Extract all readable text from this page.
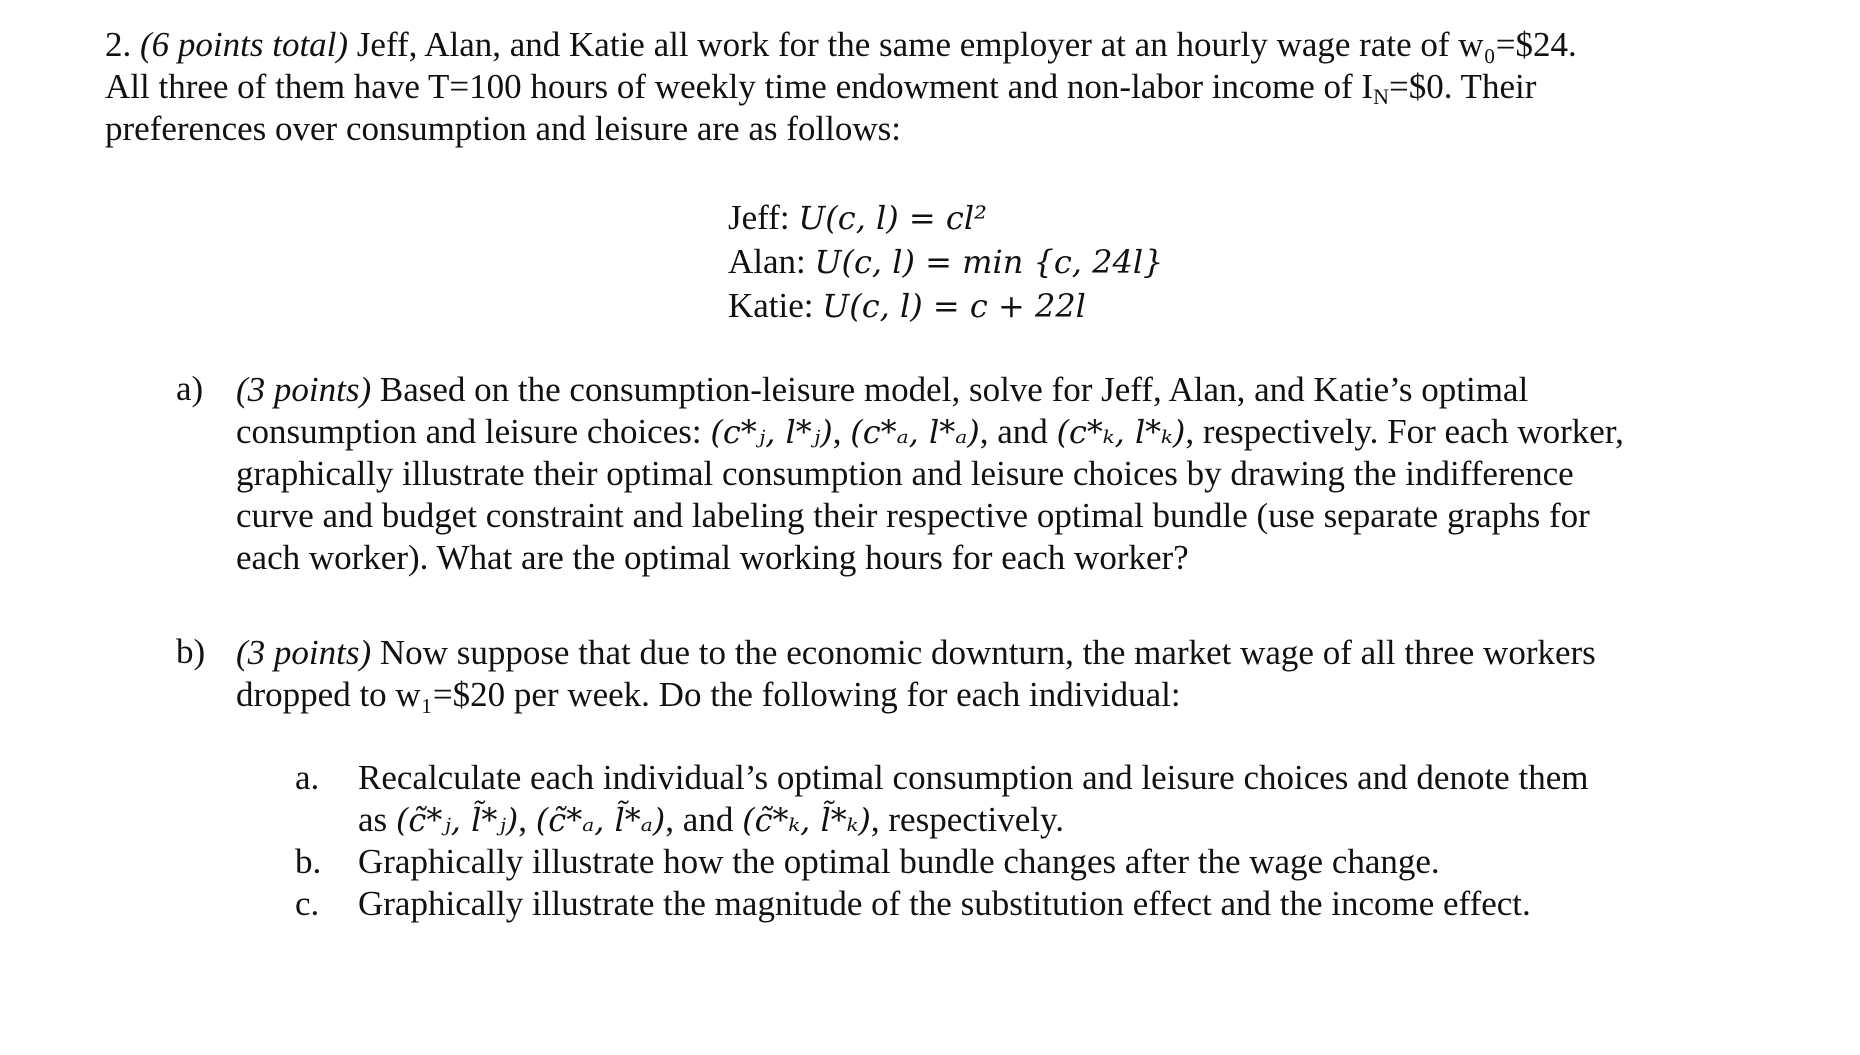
2. (6 points total) Jeff, Alan, and Katie all work for the same employer at an hourly wage rate of w₀=$24.
All three of them have T=100 hours of weekly time endowment and non-labor income of $I_N=\$0$. Their
preferences over consumption and leisure are as follows:

Jeff: U(c, l) = cl²
Alan: U(c, l) = min {c, 24l}
Katie: U(c, l) = c + 22l
a) (3 points) Based on the consumption-leisure model, solve for Jeff, Alan, and Katie’s optimal
consumption and leisure choices: (c*ⱼ, l*ⱼ), (c*ₐ, l*ₐ), and (c*ₖ, l*ₖ), respectively. For each worker,
graphically illustrate their optimal consumption and leisure choices by drawing the indifference
curve and budget constraint and labeling their respective optimal bundle (use separate graphs for
each worker). What are the optimal working hours for each worker?
b) (3 points) Now suppose that due to the economic downturn, the market wage of all three workers
dropped to w₁=$20 per week. Do the following for each individual:
a. Recalculate each individual’s optimal consumption and leisure choices and denote them
as (c̃*ⱼ, l̃*ⱼ), (c̃*ₐ, l̃*ₐ), and (c̃*ₖ, l̃*ₖ), respectively.
b. Graphically illustrate how the optimal bundle changes after the wage change.
c. Graphically illustrate the magnitude of the substitution effect and the income effect.
